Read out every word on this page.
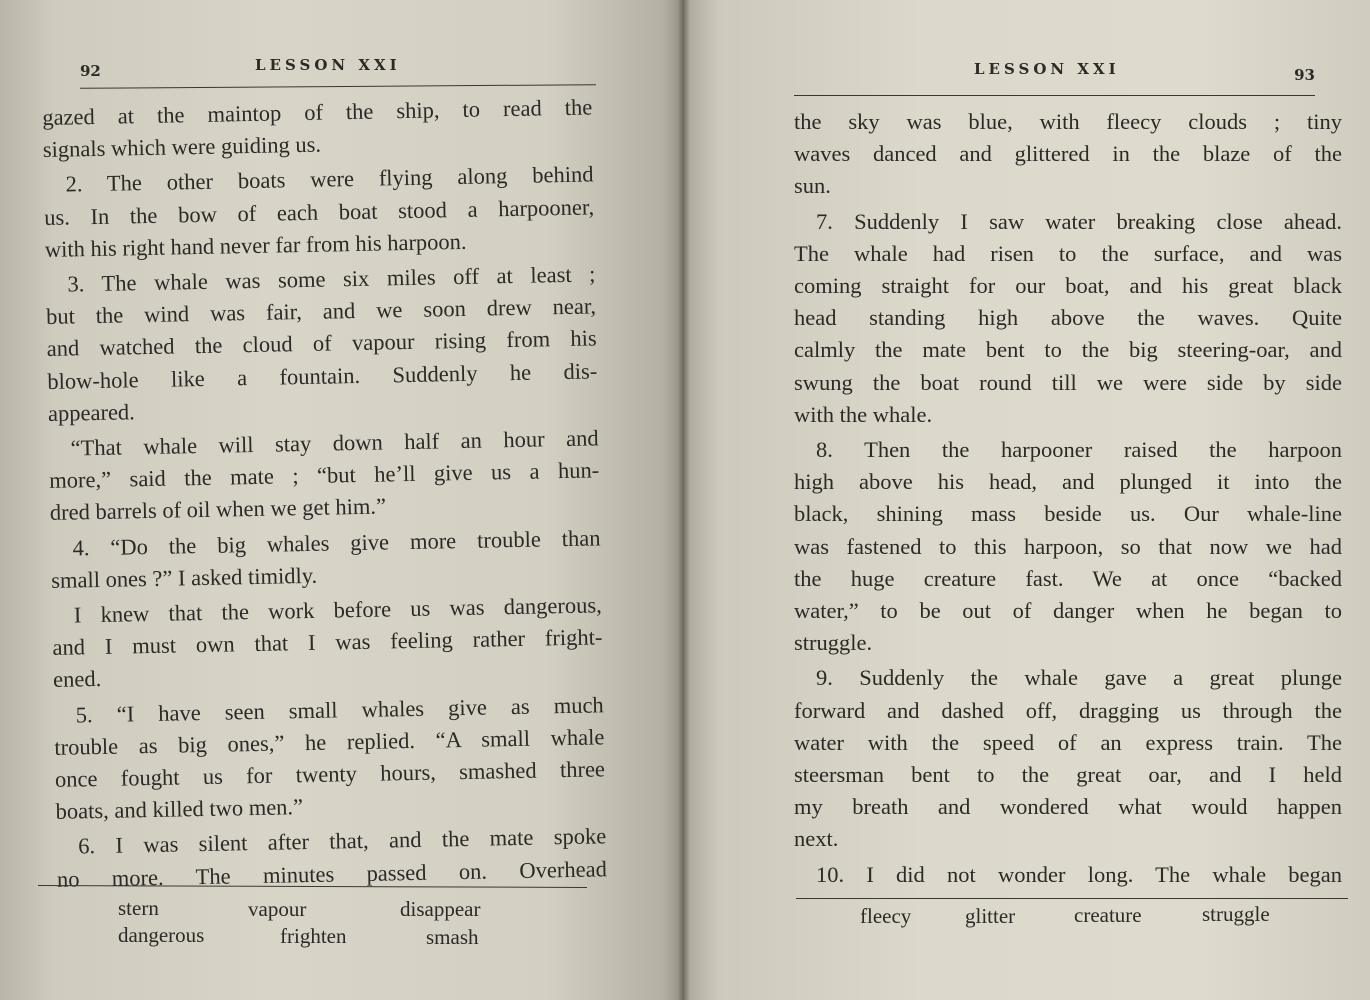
92	LESSON XXI
gazed at the maintop of the ship, to read the
signals which were guiding us.
2. The other boats were flying along behind
us. In the bow of each boat stood a harpooner,
with his right hand never far from his harpoon.
3. The whale was some six miles off at least ;
but the wind was fair, and we soon drew near,
and watched the cloud of vapour rising from his
blow-hole like a fountain. Suddenly he dis-
appeared.
“That whale will stay down half an hour and
more,” said the mate ; “but he’ll give us a hun-
dred barrels of oil when we get him.”
4. “Do the big whales give more trouble than
small ones ?” I asked timidly.
I knew that the work before us was dangerous,
and I must own that I was feeling rather fright-
ened.
5. “I have seen small whales give as much
trouble as big ones,” he replied. “A small whale
once fought us for twenty hours, smashed three
boats, and killed two men.”
6. I was silent after that, and the mate spoke
no more. The minutes passed on. Overhead
stern	vapour	disappear
dangerous	frighten	smash
LESSON XXI	93
the sky was blue, with fleecy clouds ; tiny
waves danced and glittered in the blaze of the
sun.
7. Suddenly I saw water breaking close ahead.
The whale had risen to the surface, and was
coming straight for our boat, and his great black
head standing high above the waves. Quite
calmly the mate bent to the big steering-oar, and
swung the boat round till we were side by side
with the whale.
8. Then the harpooner raised the harpoon
high above his head, and plunged it into the
black, shining mass beside us. Our whale-line
was fastened to this harpoon, so that now we had
the huge creature fast. We at once “backed
water,” to be out of danger when he began to
struggle.
9. Suddenly the whale gave a great plunge
forward and dashed off, dragging us through the
water with the speed of an express train. The
steersman bent to the great oar, and I held
my breath and wondered what would happen
next.
10. I did not wonder long. The whale began
fleecy	glitter	creature	struggle
